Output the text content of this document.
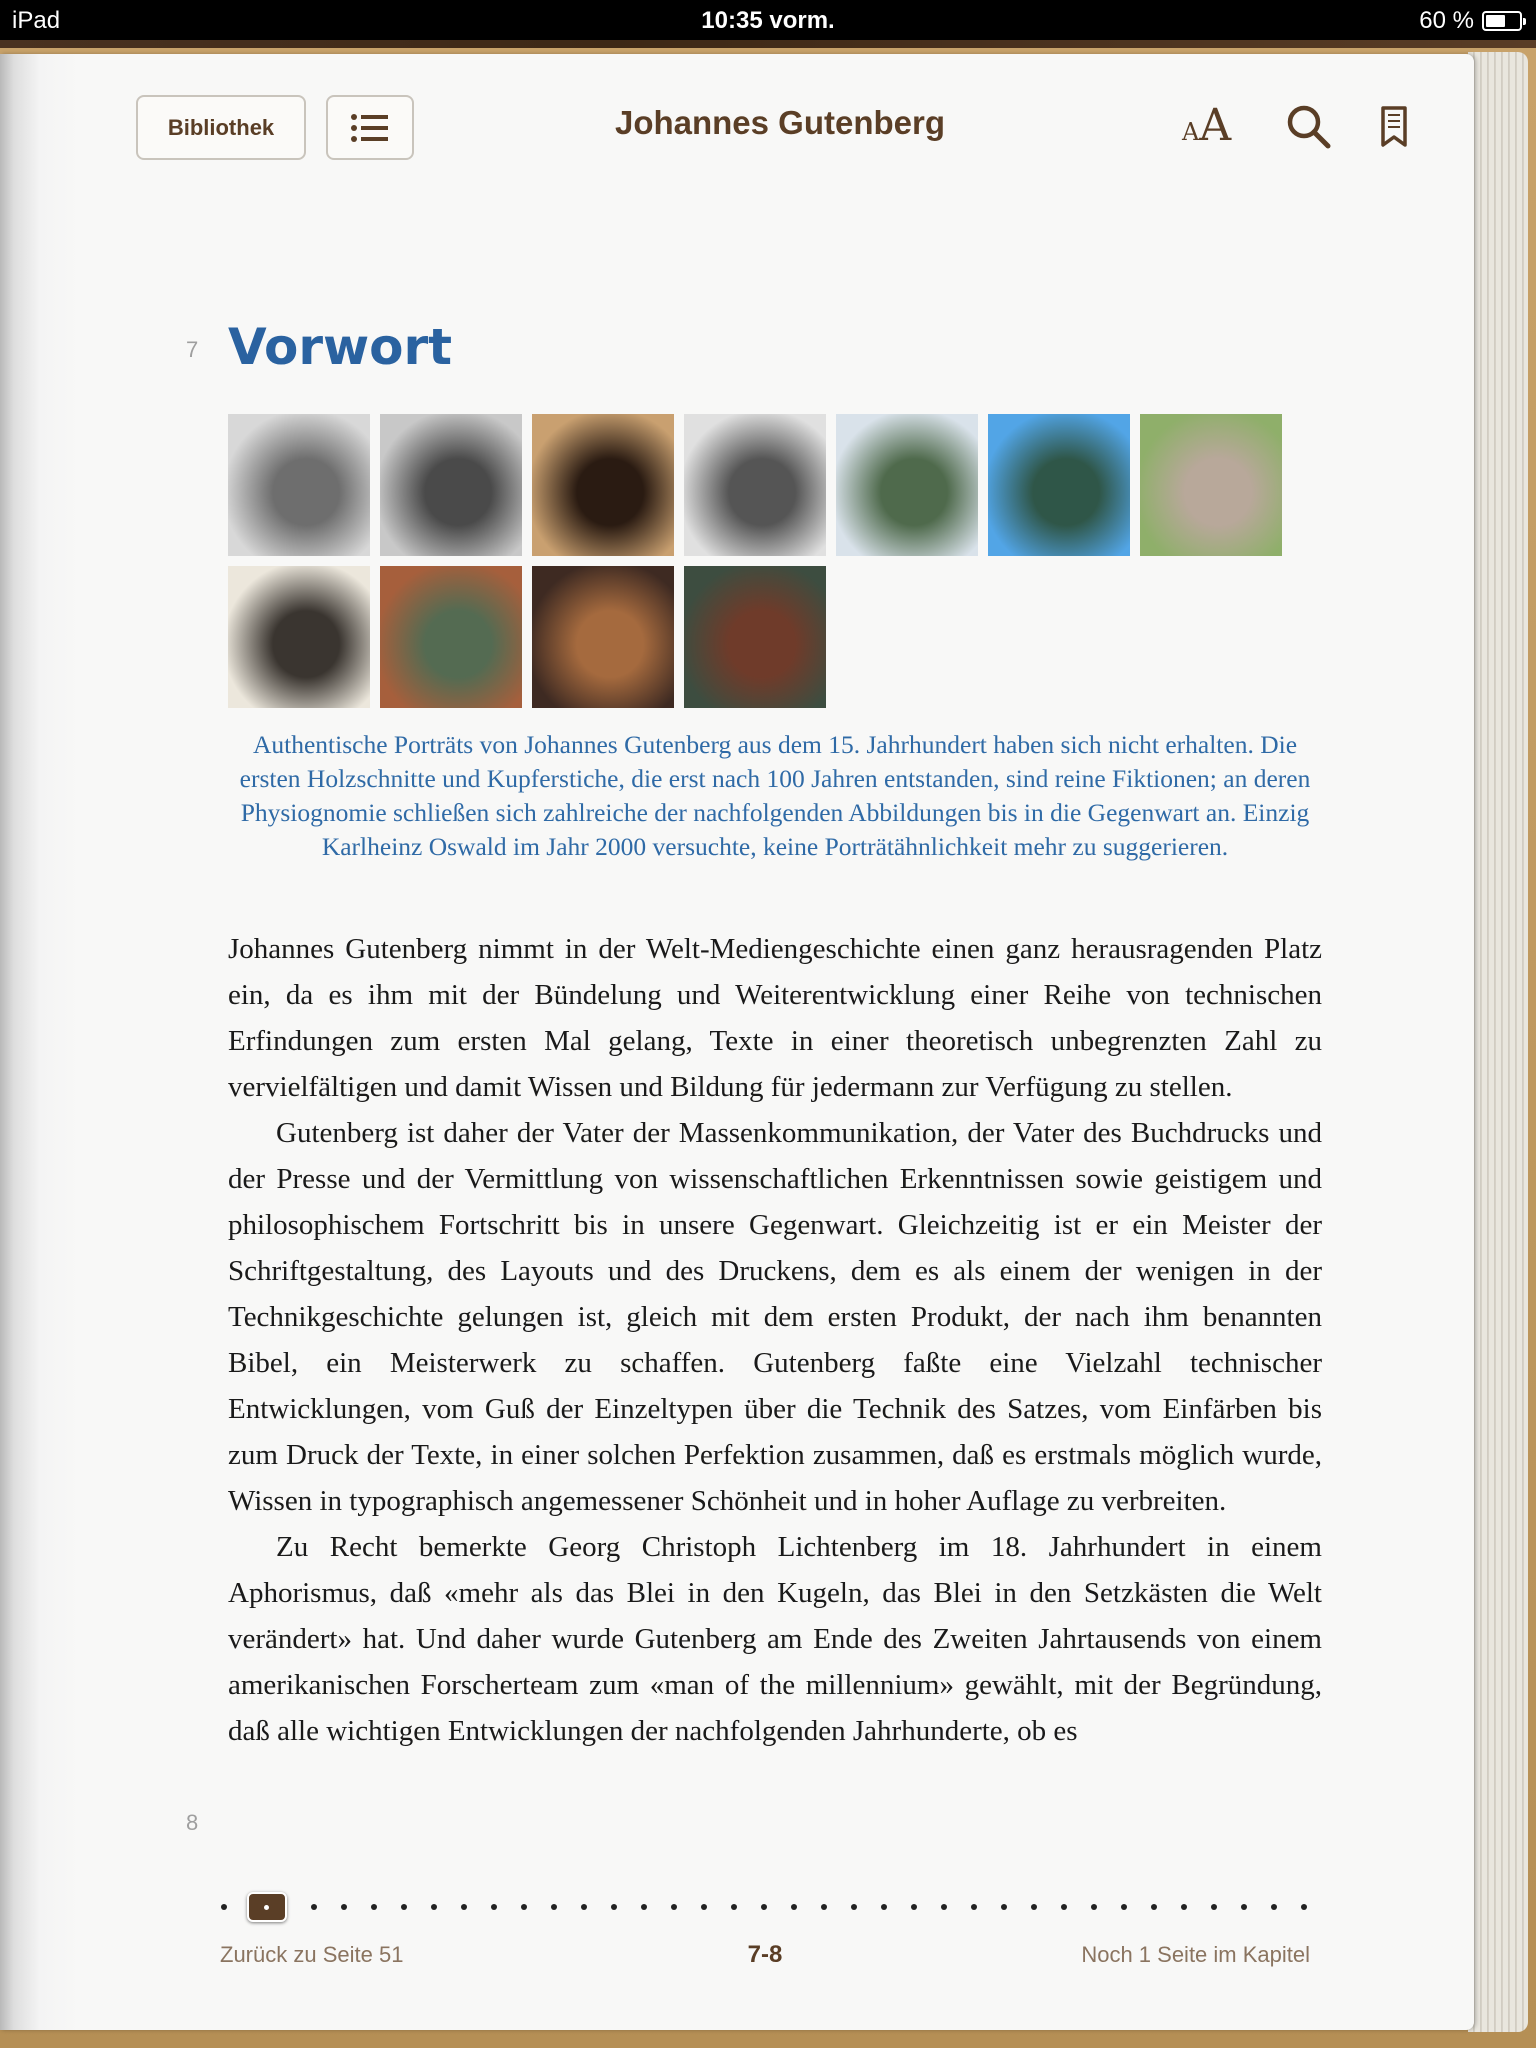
iPad	10:35 vorm.	60 %
Bibliothek	Johannes Gutenberg	A A
7
8
Vorwort
Authentische Porträts von Johannes Gutenberg aus dem 15. Jahrhundert haben sich nicht erhalten. Die ersten Holzschnitte und Kupferstiche, die erst nach 100 Jahren entstanden, sind reine Fiktionen; an deren Physiognomie schließen sich zahlreiche der nachfolgenden Abbildungen bis in die Gegenwart an. Einzig Karlheinz Oswald im Jahr 2000 versuchte, keine Porträtähnlichkeit mehr zu suggerieren.

Johannes Gutenberg nimmt in der Welt-Mediengeschichte einen ganz herausragenden Platz ein, da es ihm mit der Bündelung und Weiterentwicklung einer Reihe von technischen Erfindungen zum ersten Mal gelang, Texte in einer theoretisch unbegrenzten Zahl zu vervielfältigen und damit Wissen und Bildung für jedermann zur Verfügung zu stellen.

Gutenberg ist daher der Vater der Massenkommunikation, der Vater des Buchdrucks und der Presse und der Vermittlung von wissenschaftlichen Erkenntnissen sowie geistigem und philosophischem Fortschritt bis in unsere Gegenwart. Gleichzeitig ist er ein Meister der Schriftgestaltung, des Layouts und des Druckens, dem es als einem der wenigen in der Technikgeschichte gelungen ist, gleich mit dem ersten Produkt, der nach ihm benannten Bibel, ein Meisterwerk zu schaffen. Gutenberg faßte eine Vielzahl technischer Entwicklungen, vom Guß der Einzeltypen über die Technik des Satzes, vom Einfärben bis zum Druck der Texte, in einer solchen Perfektion zusammen, daß es erstmals möglich wurde, Wissen in typographisch angemessener Schönheit und in hoher Auflage zu verbreiten.

Zu Recht bemerkte Georg Christoph Lichtenberg im 18. Jahrhundert in einem Aphorismus, daß «mehr als das Blei in den Kugeln, das Blei in den Setzkästen die Welt verändert» hat. Und daher wurde Gutenberg am Ende des Zweiten Jahrtausends von einem amerikanischen Forscherteam zum «man of the millennium» gewählt, mit der Begründung, daß alle wichtigen Entwicklungen der nachfolgenden Jahrhunderte, ob es

Zurück zu Seite 51	7-8	Noch 1 Seite im Kapitel
